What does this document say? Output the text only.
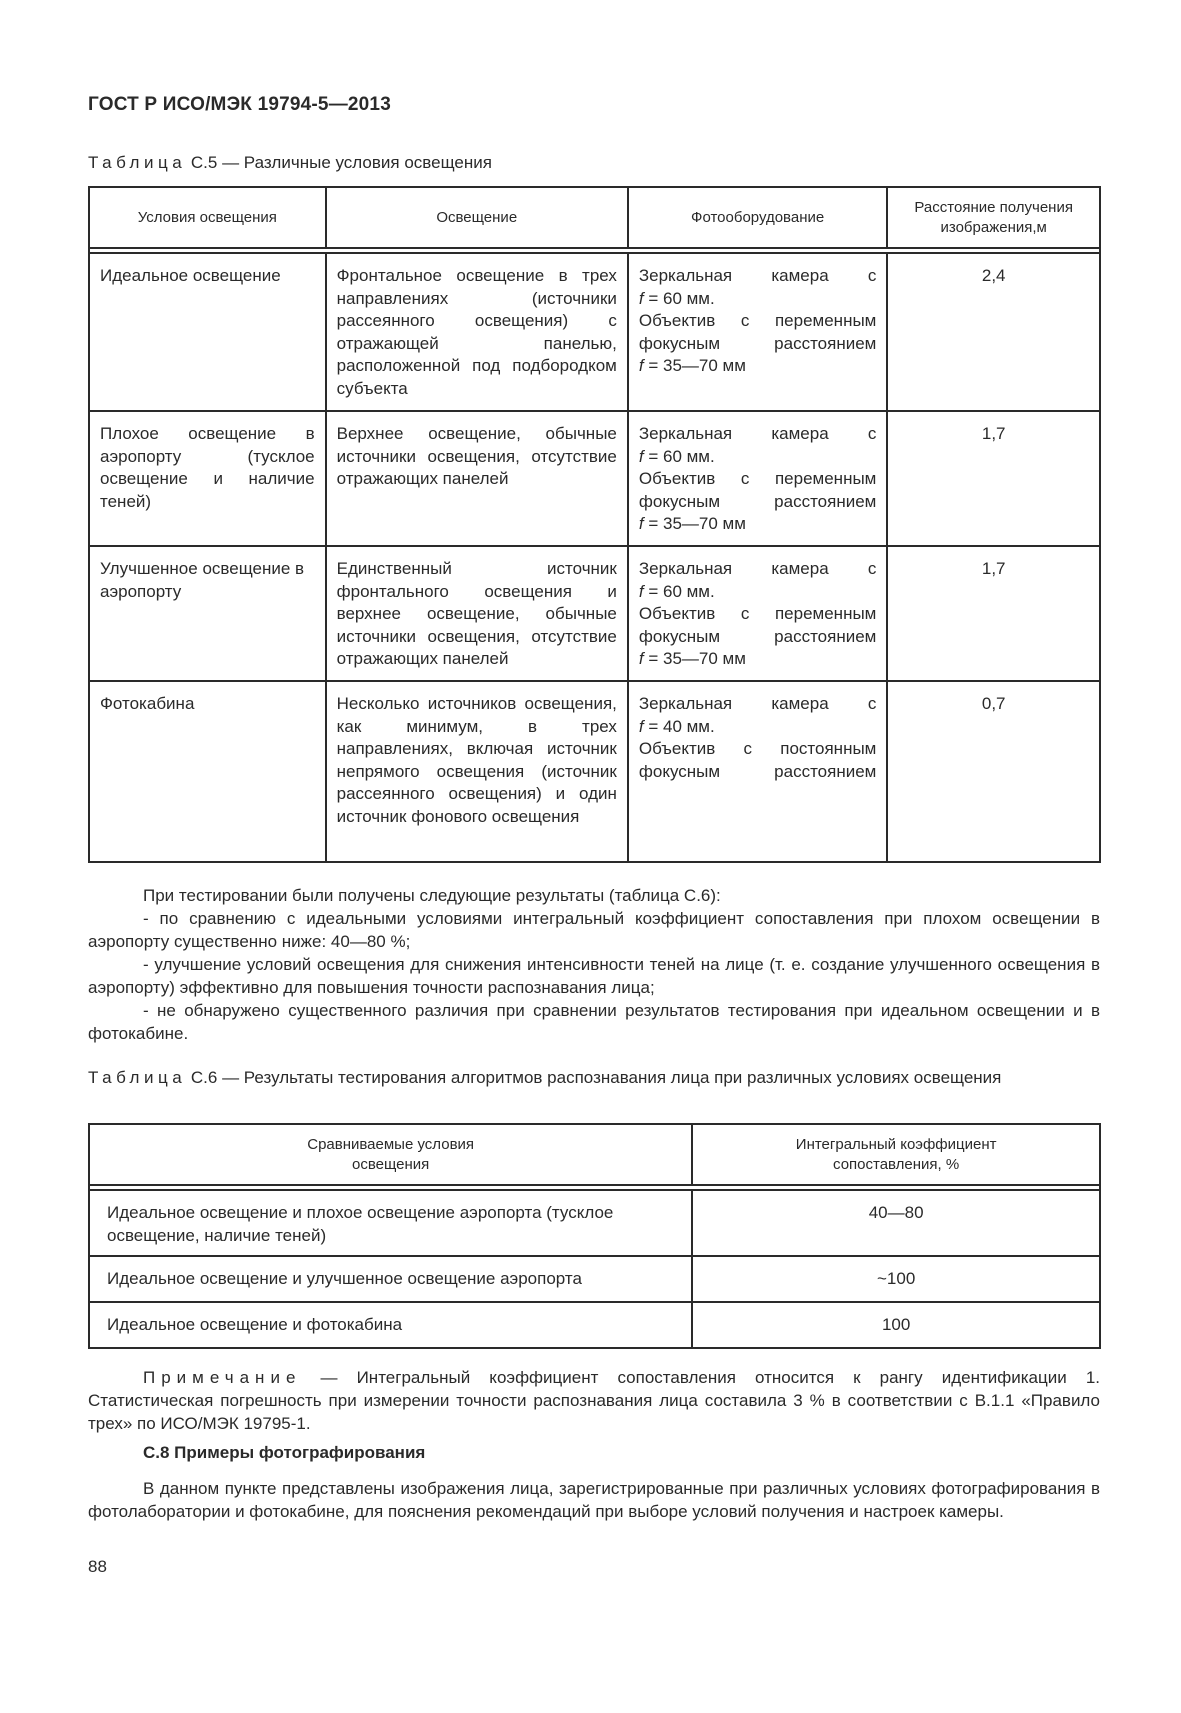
ГОСТ Р ИСО/МЭК 19794-5—2013
Таблица С.5 — Различные условия освещения
Условия освещения	Освещение	Фотооборудование	Расстояние получения изображения,м

Идеальное освещение	Фронтальное освещение в трех направлениях (источники рассеянного освещения) с отражающей панелью, расположенной под подбородком субъекта	Зеркальная камера с
f = 60 мм.
Объектив с переменным
фокусным расстоянием
f = 35—70 мм	2,4
Плохое освещение в аэропорту (тусклое освещение и наличие теней)	Верхнее освещение, обычные источники освещения, отсутствие отражающих панелей	Зеркальная камера с
f = 60 мм.
Объектив с переменным
фокусным расстоянием
f = 35—70 мм	1,7
Улучшенное освещение в аэропорту	Единственный источник фронтального освещения и верхнее освещение, обычные источники освещения, отсутствие отражающих панелей	Зеркальная камера с
f = 60 мм.
Объектив с переменным
фокусным расстоянием
f = 35—70 мм	1,7
Фотокабина	Несколько источников освещения, как минимум, в трех направлениях, включая источник непрямого освещения (источник рассеянного освещения) и один источник фонового освещения	Зеркальная камера с
f = 40 мм.
Объектив с постоянным
фокусным расстоянием	0,7

При тестировании были получены следующие результаты (таблица С.6):

- по сравнению с идеальными условиями интегральный коэффициент сопоставления при плохом освещении в аэропорту существенно ниже: 40—80 %;

- улучшение условий освещения для снижения интенсивности теней на лице (т. е. создание улучшенного освещения в аэропорту) эффективно для повышения точности распознавания лица;

- не обнаружено существенного различия при сравнении результатов тестирования при идеальном освещении и в фотокабине.

Таблица С.6 — Результаты тестирования алгоритмов распознавания лица при различных условиях освещения
Сравниваемые условия освещения	Интегральный коэффициент сопоставления, %

Идеальное освещение и плохое освещение аэропорта (тусклое освещение, наличие теней)	40—80
Идеальное освещение и улучшенное освещение аэропорта	~100
Идеальное освещение и фотокабина	100

Примечание — Интегральный коэффициент сопоставления относится к рангу идентификации 1. Статистическая погрешность при измерении точности распознавания лица составила 3 % в соответствии с В.1.1 «Правило трех» по ИСО/МЭК 19795-1.

С.8 Примеры фотографирования

В данном пункте представлены изображения лица, зарегистрированные при различных условиях фотографирования в фотолаборатории и фотокабине, для пояснения рекомендаций при выборе условий получения и настроек камеры.

88
